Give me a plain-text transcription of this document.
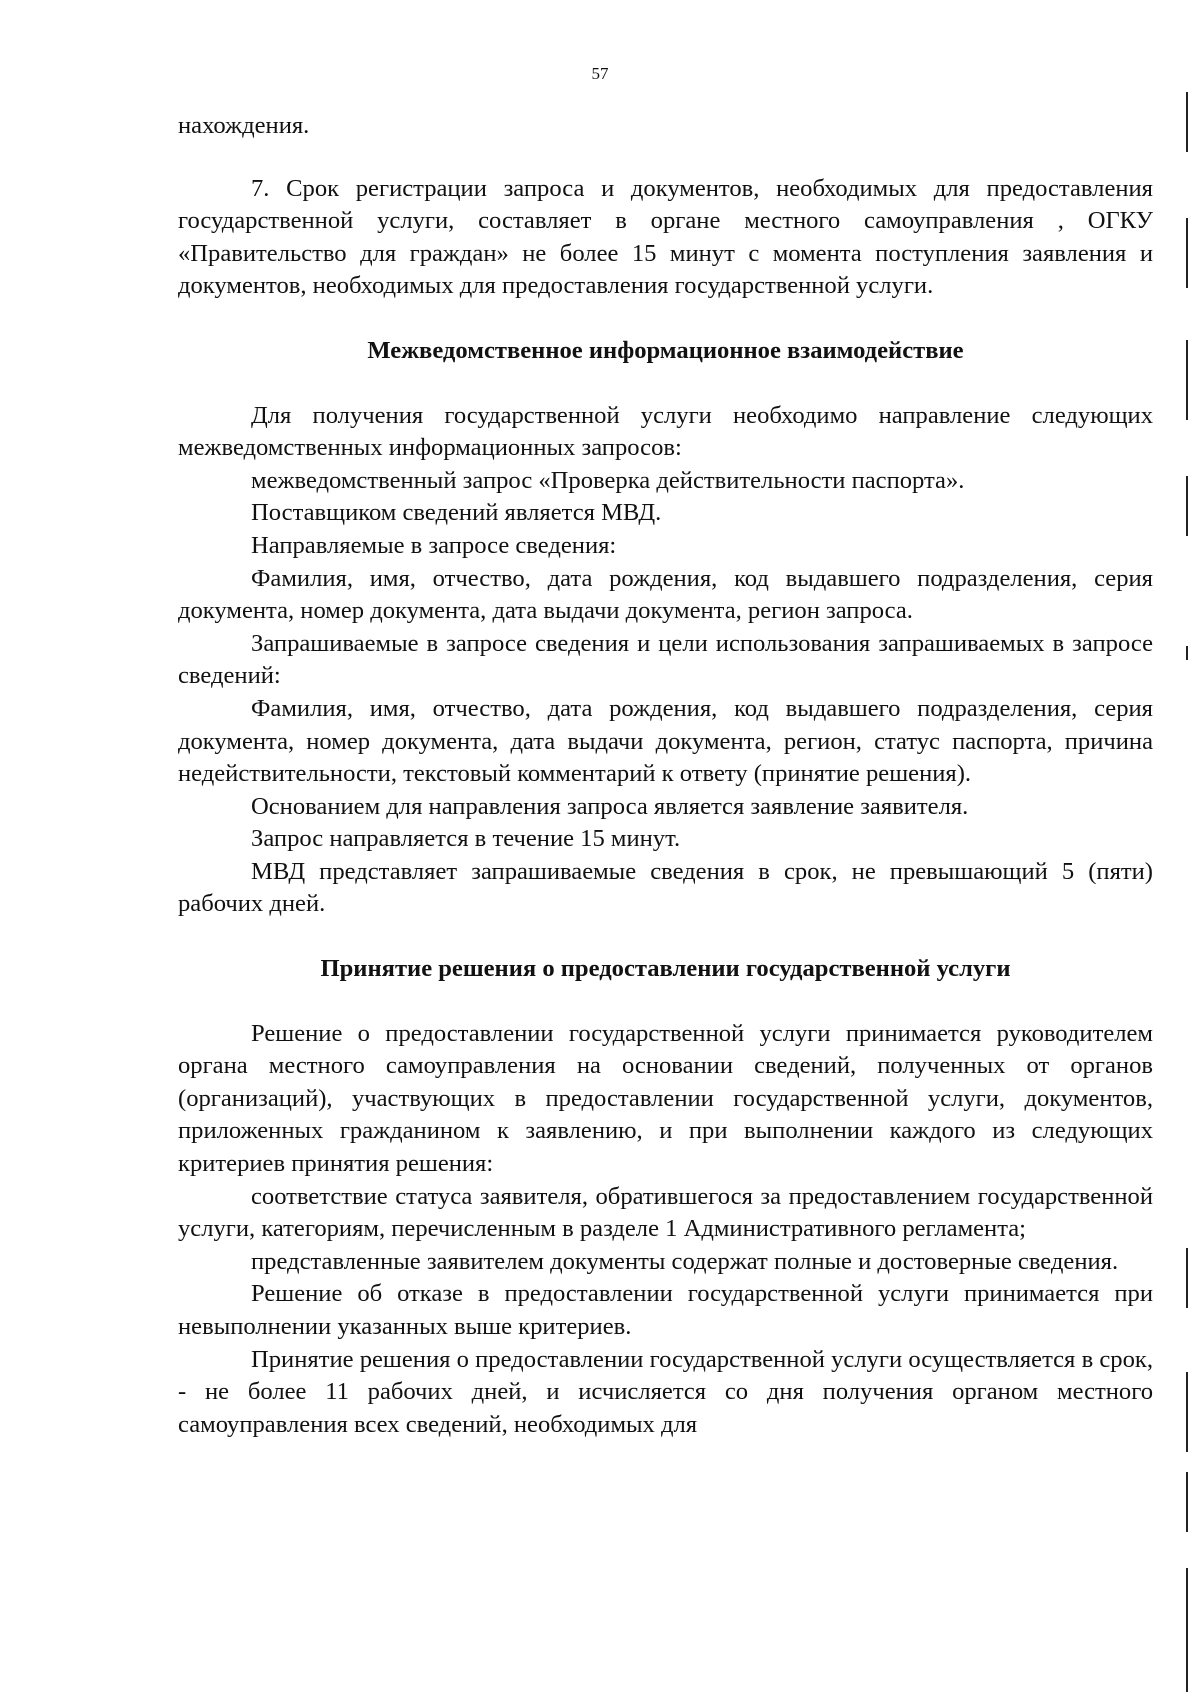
57

нахождения.

7. Срок регистрации запроса и документов, необходимых для предоставления государственной услуги, составляет в органе местного самоуправления , ОГКУ «Правительство для граждан» не более 15 минут с момента поступления заявления и документов, необходимых для предоставления государственной услуги.

Межведомственное информационное взаимодействие

Для получения государственной услуги необходимо направление следующих межведомственных информационных запросов:

межведомственный запрос «Проверка действительности паспорта».

Поставщиком сведений является МВД.

Направляемые в запросе сведения:

Фамилия, имя, отчество, дата рождения, код выдавшего подразделения, серия документа, номер документа, дата выдачи документа, регион запроса.

Запрашиваемые в запросе сведения и цели использования запрашиваемых в запросе сведений:

Фамилия, имя, отчество, дата рождения, код выдавшего подразделения, серия документа, номер документа, дата выдачи документа, регион, статус паспорта, причина недействительности, текстовый комментарий к ответу (принятие решения).

Основанием для направления запроса является заявление заявителя.

Запрос направляется в течение 15 минут.

МВД представляет запрашиваемые сведения в срок, не превышающий 5 (пяти) рабочих дней.

Принятие решения о предоставлении государственной услуги

Решение о предоставлении государственной услуги принимается руководителем органа местного самоуправления на основании сведений, полученных от органов (организаций), участвующих в предоставлении государственной услуги, документов, приложенных гражданином к заявлению, и при выполнении каждого из следующих критериев принятия решения:

соответствие статуса заявителя, обратившегося за предоставлением государственной услуги, категориям, перечисленным в разделе 1 Административного регламента;

представленные заявителем документы содержат полные и достоверные сведения.

Решение об отказе в предоставлении государственной услуги принимается при невыполнении указанных выше критериев.

Принятие решения о предоставлении государственной услуги осуществляется в срок, - не более 11 рабочих дней, и исчисляется со дня получения органом местного самоуправления всех сведений, необходимых для
